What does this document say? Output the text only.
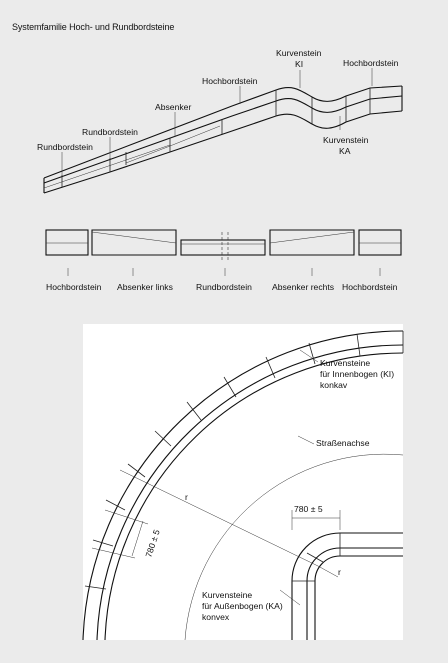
Systemfamilie Hoch- und Rundbordsteine
Rundbordstein
Rundbordstein
Absenker
Hochbordstein
Kurvenstein
KI	Hochbordstein
Kurvenstein
KA
Hochbordstein Absenker links	Rundbordstein Absenker rechts Hochbordstein
Kurvensteine
für Innenbogen (KI)
konkav
Straßenachse
r
r
780 ± 5
780 ± 5
Kurvensteine
für Außenbogen (KA)
konvex
